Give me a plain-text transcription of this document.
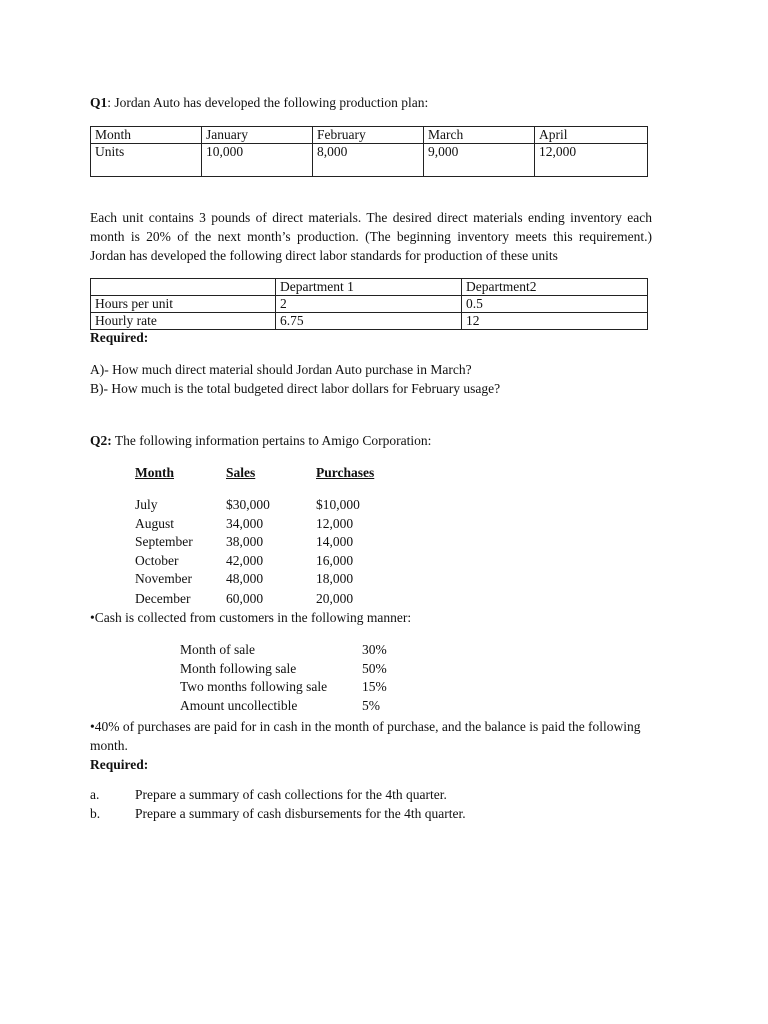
Q1: Jordan Auto has developed the following production plan:
Month	January	February	March	April
Units	10,000	8,000	9,000	12,000
Each unit contains 3 pounds of direct materials. The desired direct materials ending inventory each month is 20% of the next month’s production. (The beginning inventory meets this requirement.) Jordan has developed the following direct labor standards for production of these units
	Department 1	Department2
Hours per unit	2	0.5
Hourly rate	6.75	12
Required:
A)- How much direct material should Jordan Auto purchase in March?
B)- How much is the total budgeted direct labor dollars for February usage?
Q2: The following information pertains to Amigo Corporation:
Month	Sales	Purchases
July	$30,000	$10,000
August	34,000	12,000
September 38,000	14,000
October	42,000	16,000
November	48,000	18,000
December	60,000	20,000
•Cash is collected from customers in the following manner:
Month of sale	30%
Month following sale	50%
Two months following sale	15%
Amount uncollectible	5%
•40% of purchases are paid for in cash in the month of purchase, and the balance is paid the following month.
Required:
a.	Prepare a summary of cash collections for the 4th quarter.
b.	Prepare a summary of cash disbursements for the 4th quarter.
